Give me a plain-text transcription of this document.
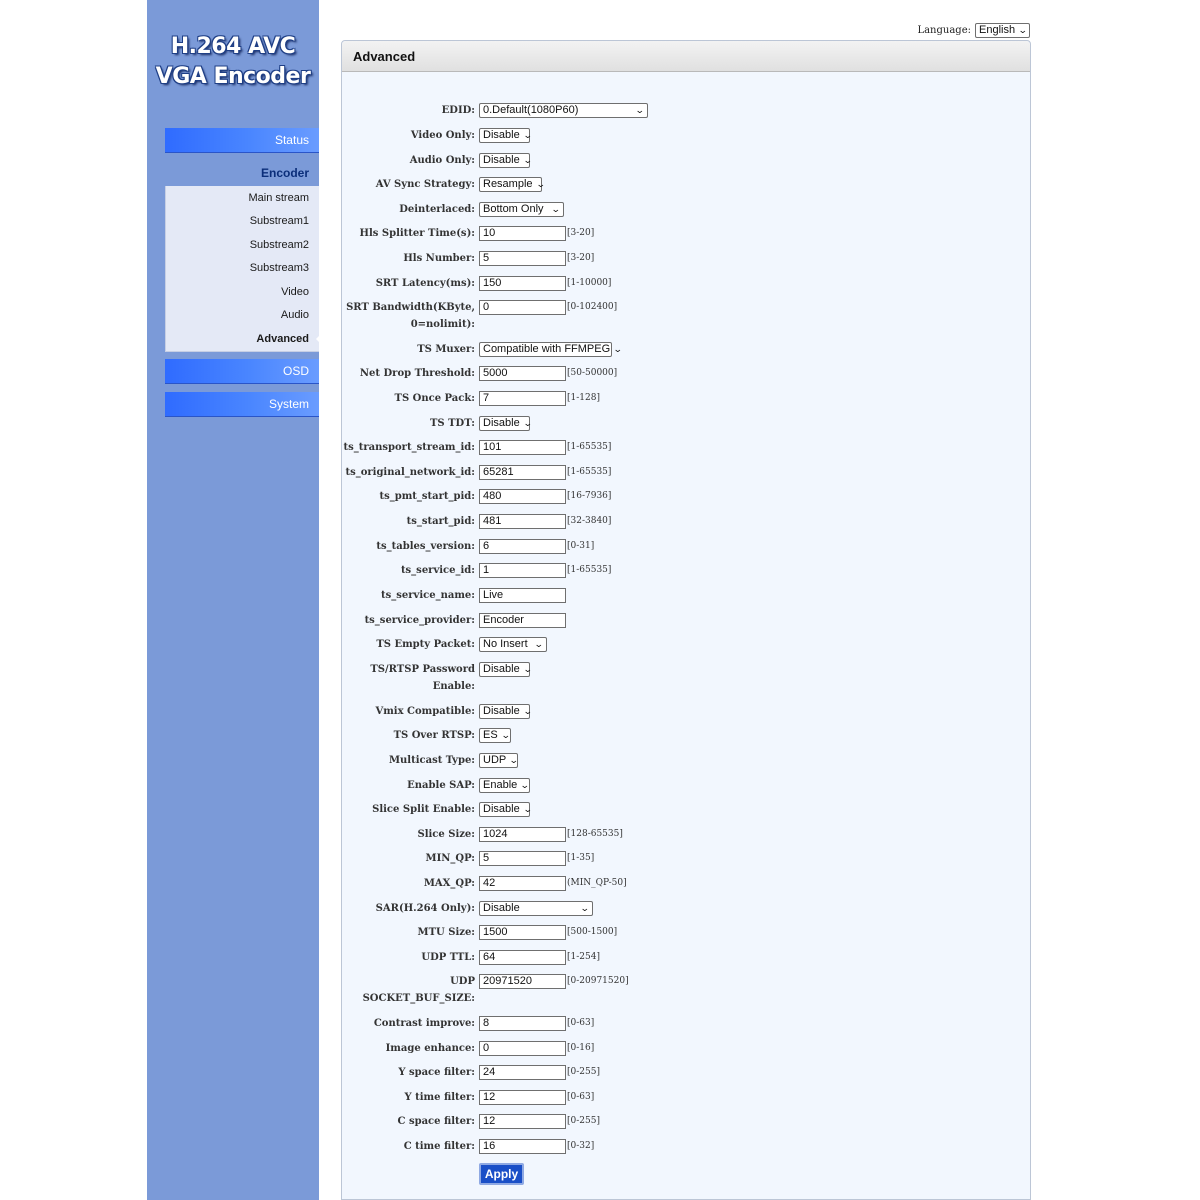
H.264 AVC
VGA Encoder
Status
Encoder
Main stream
Substream1
Substream2
Substream3
Video
Audio
Advanced
OSD
System
Language: English ⌄
Advanced
EDID: 0.Default(1080P60)	⌄
Video Only: Disable ⌄
Audio Only: Disable ⌄
AV Sync Strategy: Resample ⌄
Deinterlaced: Bottom Only ⌄
Hls Splitter Time(s): 10	[3-20]
Hls Number: 5	[3-20]
SRT Latency(ms): 150	[1-10000]
SRT Bandwidth(KByte,
0=nolimit):
0	[0-102400]
TS Muxer: Compatible with FFMPEG ⌄
Net Drop Threshold: 5000	[50-50000]
TS Once Pack: 7	[1-128]
TS TDT: Disable ⌄
ts_transport_stream_id: 101	[1-65535]
ts_original_network_id: 65281	[1-65535]
ts_pmt_start_pid: 480	[16-7936]
ts_start_pid: 481	[32-3840]
ts_tables_version: 6	[0-31]
ts_service_id: 1	[1-65535]
ts_service_name: Live
ts_service_provider: Encoder
TS Empty Packet: No Insert ⌄
TS/RTSP Password
Enable:
Disable ⌄
Vmix Compatible: Disable ⌄
TS Over RTSP: ES ⌄
Multicast Type: UDP ⌄
Enable SAP: Enable ⌄
Slice Split Enable: Disable ⌄
Slice Size: 1024	[128-65535]
MIN_QP: 5	[1-35]
MAX_QP: 42	(MIN_QP-50]
SAR(H.264 Only): Disable	⌄
MTU Size: 1500	[500-1500]
UDP TTL: 64	[1-254]
UDP
SOCKET_BUF_SIZE:
20971520	[0-20971520]
Contrast improve: 8	[0-63]
Image enhance: 0	[0-16]
Y space filter: 24	[0-255]
Y time filter: 12	[0-63]
C space filter: 12	[0-255]
C time filter: 16	[0-32]
Apply
